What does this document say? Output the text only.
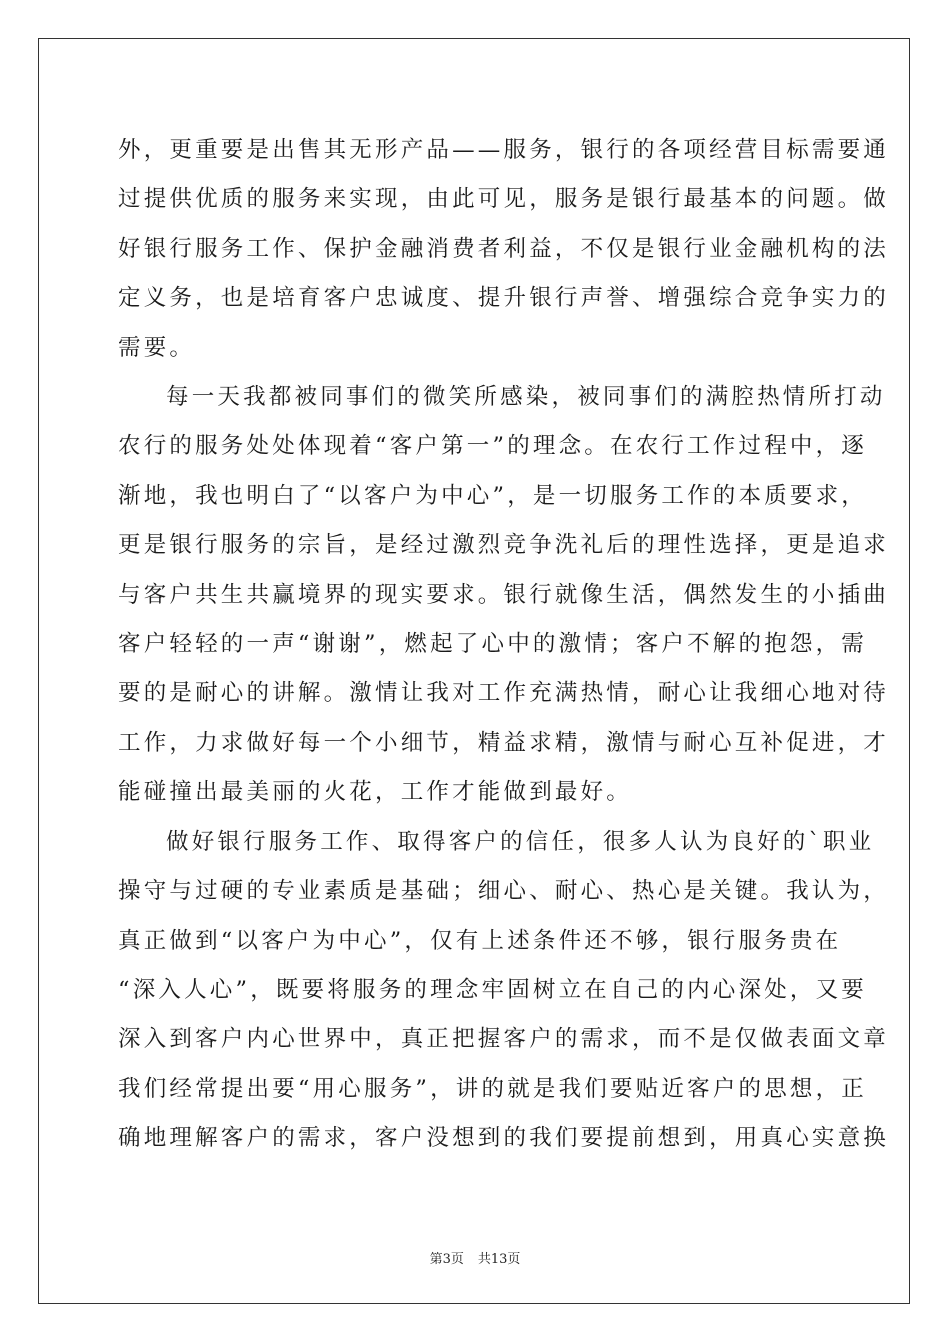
外，更重要是出售其无形产品——服务，银行的各项经营目标需要通
过提供优质的服务来实现，由此可见，服务是银行最基本的问题。做
好银行服务工作、保护金融消费者利益，不仅是银行业金融机构的法
定义务，也是培育客户忠诚度、提升银行声誉、增强综合竞争实力的
需要。

每一天我都被同事们的微笑所感染，被同事们的满腔热情所打动
农行的服务处处体现着“客户第一”的理念。在农行工作过程中，逐
渐地，我也明白了“以客户为中心”，是一切服务工作的本质要求，
更是银行服务的宗旨，是经过激烈竞争洗礼后的理性选择，更是追求
与客户共生共赢境界的现实要求。银行就像生活，偶然发生的小插曲
客户轻轻的一声“谢谢”，燃起了心中的激情；客户不解的抱怨，需
要的是耐心的讲解。激情让我对工作充满热情，耐心让我细心地对待
工作，力求做好每一个小细节，精益求精，激情与耐心互补促进，才
能碰撞出最美丽的火花，工作才能做到最好。

做好银行服务工作、取得客户的信任，很多人认为良好的`职业
操守与过硬的专业素质是基础；细心、耐心、热心是关键。我认为，
真正做到“以客户为中心”，仅有上述条件还不够，银行服务贵在
“深入人心”，既要将服务的理念牢固树立在自己的内心深处，又要
深入到客户内心世界中，真正把握客户的需求，而不是仅做表面文章
我们经常提出要“用心服务”，讲的就是我们要贴近客户的思想，正
确地理解客户的需求，客户没想到的我们要提前想到，用真心实意换

第3页 共13页
